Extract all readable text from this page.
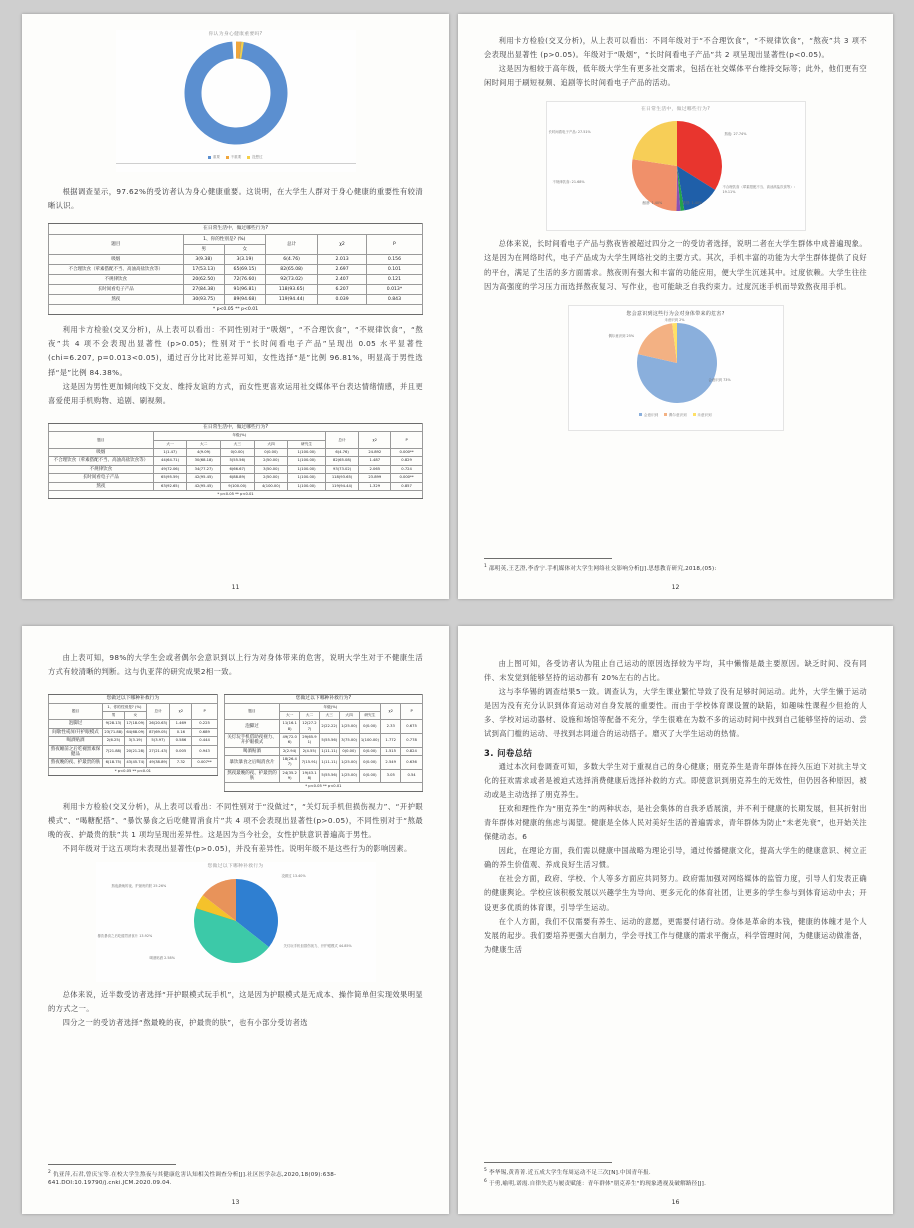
你认为身心健康重要吗?
重要	不重要	没想过

根据调查显示，97.62%的受访者认为身心健康重要。这说明，在大学生人群对于身心健康的重要性有较清晰认识。

在日常生活中，做过哪些行为?					
题目	1、你的性别是? (%)		总计	χ2	P
	男	女			
吸烟	3(9.38)	3(3.19)	6(4.76)	2.013	0.156
不合理饮食（荤素搭配不当、高油高盐饮食等）	17(53.13)	65(69.15)	82(65.08)	2.697	0.101
不规律饮食	20(62.50)	72(76.60)	92(73.02)	2.407	0.121
长时间看电子产品	27(84.38)	91(96.81)	118(93.65)	6.207	0.013*
熬夜	30(93.75)	89(94.68)	119(94.44)	0.039	0.843
* p<0.05 ** p<0.01					

利用卡方检验(交叉分析)，从上表可以看出：不同性别对于“吸烟”，“不合理饮食”，“不规律饮食”，“熬夜”共 4 项不会表现出显著性 (p>0.05)；性别对于“长时间看电子产品”呈现出 0.05 水平显著性(chi=6.207, p=0.013<0.05)，通过百分比对比差异可知，女性选择“是”比例 96.81%，明显高于男性选择“是”比例 84.38%。

这是因为男性更加倾向线下交友、维持友谊的方式，而女性更喜欢运用社交媒体平台表达情绪情感，并且更喜爱使用手机购物、追剧、刷视频。

在日常生活中，做过哪些行为?								
题目	年级(%)					总计	χ2	P
	大一	大二	大三	大四	研究生			
吸烟	1(1.47)	4(9.09)	0(0.00)	0(0.00)	1(100.00)	6(4.76)	24.892	0.000**
不合理饮食（荤素搭配不当、高油高盐饮食等）	44(64.71)	30(68.18)	5(55.56)	2(50.00)	1(100.00)	82(65.08)	1.487	0.829
不规律饮食	49(72.06)	34(77.27)	6(66.67)	3(50.00)	1(100.00)	93(73.02)	2.065	0.724
长时间看电子产品	65(95.59)	42(95.45)	6(88.89)	2(50.00)	1(100.00)	118(93.65)	23.899	0.000**
熬夜	63(92.65)	42(95.45)	9(100.00)	4(100.00)	1(100.00)	119(94.44)	1.329	0.857
* p<0.05 ** p<0.01								
11

利用卡方检验(交叉分析)，从上表可以看出：不同年级对于“不合理饮食”，“不规律饮食”，“熬夜”共 3 项不会表现出显著性 (p>0.05)。年级对于“吸烟”，“长时间看电子产品”共 2 项呈现出显著性(p<0.05)。

这是因为相较于高年级，低年级大学生有更多社交需求，包括在社交媒体平台维持交际等；此外，他们更有空闲时间用于刷短视频、追剧等长时间看电子产品的活动。

在日常生活中，做过哪些行为?
熬夜: 27.74%
不合理饮食（荤素搭配不当、高油高盐饮食等）: 19.11%
吸烟: 1.40%
酗酒: 1.40%
不规律饮食: 21.68%
长时间看电子产品: 27.51%

总体来说，长时间看电子产品与熬夜皆被超过四分之一的受访者选择，说明二者在大学生群体中成普遍现象。这是因为在网络时代，电子产品成为大学生网络社交的主要方式。其次，手机丰富的功能为大学生群体提供了良好的平台，满足了生活的多方面需求。熬夜则有强大和丰富的功能应用，便大学生沉迷其中。过度依赖。大学生往往因为高强度的学习压力而选择熬夜复习、写作业，也可能缺乏自我约束力。过度沉迷手机而导致熬夜用手机。

您会意识到这些行为会对身体带来的危害?
会意识到 73%
偶尔意识到 25%
未意识到 2%
会意识到	偶尔意识到	未意识到

$^1$ 邵明英,王艺澄,李香宁.手机媒体对大学生网络社交影响分析[J].思想教育研究,2018,(05):

12

由上表可知，98%的大学生会或者偶尔会意识到以上行为对身体带来的危害，说明大学生对于不健康生活方式有较清晰的判断。这与仇亚萍的研究成果2相一致。

您做过以下哪种补救行为					
题目	1、你的性别是? (%)		总计	χ2	P
	男	女			
泡脚过	9(28.13)	17(18.09)	26(20.63)	1.469	0.225
间歇性戒屏/开护眼模式	23(71.88)	64(68.09)	87(69.05)	0.16	0.689
喝酒贴酒	2(6.25)	3(3.19)	5(3.97)	0.586	0.444
熬夜睡前之后吃褪黑素保健品	7(21.88)	20(21.28)	27(21.43)	0.005	0.943
熬夜晚的夜、护最贵的肤	6(18.75)	43(45.74)	49(38.89)	7.32	0.007**
* p<0.05 ** p<0.01					
您做过以下哪种补救行为?							
题目	年级(%)					χ2	P
	大一	大二	大三	大四	研究生		
泡脚过	11(16.18)	12(27.27)	2(22.22)	1(25.00)	0(0.00)	2.33	0.675
关灯玩手机借助夜视力、开护眼模式	49(72.06)	29(65.91)	5(55.56)	3(75.00)	1(100.00)	1.772	0.778
喝酒贴酒	2(2.94)	2(4.55)	1(11.11)	0(0.00)	0(0.00)	1.515	0.824
暴饮暴食之后喝消食片	18(26.47)	7(15.91)	1(11.11)	1(25.00)	0(0.00)	2.549	0.636
熬夜最晚的夜、护最贵的肤	24(35.29)	19(43.18)	5(55.56)	1(25.00)	0(0.00)	3.05	0.54
* p<0.05 ** p<0.01							

利用卡方检验(交叉分析)，从上表可以看出：不同性别对于“没做过”，“关灯玩手机但损伤视力”、“开护眼模式”、“喝糖配搭”、“暴饮暴食之后吃健胃消食片”共 4 项不会表现出显著性(p>0.05)，不同性别对于“熬最晚的夜、护最贵的肤”共 1 项均呈现出差异性。这是因为当今社会，女性护肤意识普遍高于男性。

不同年级对于这五项均未表现出显著性(p>0.05)，并没有差异性。说明年级不是这些行为的影响因素。

您做过以下哪种补救行为
没做过 13.40%
关灯玩手机但损伤视力、开护眼模式 44.85%
喝酒贴酒 2.58%
暴饮暴食之后吃健胃消食片 13.92%
熬夜最晚的夜、护最贵的肤 25.26%

总体来说，近半数受访者选择“开护眼模式玩手机”，这是因为护眼模式是无成本、操作简单但实现效果明显的方式之一。

四分之一的受访者选择“熬最晚的夜，护最贵的肤”，也有小部分受访者选

$^2$ 仇亚萍,石君,曾庆宝等.在校大学生熬夜与其健康危害认知相关性调查分析[J].社区医学杂志,2020,18(09):638-641.DOI:10.19790/j.cnki.JCM.2020.09.04.

13

由上图可知，各受访者认为阻止自己运动的原因选择较为平均，其中懒惰是最主要原因。缺乏时间、没有同伴、未发觉到能够坚持的运动都有 20%左右的占比。

这与李华锡的调查结果5一致。调查认为，大学生课业繁忙导致了没有足够时间运动。此外，大学生懒于运动是因为没有充分认识到体育运动对自身发展的重要性。而由于学校体育课设置的缺陷，如趣味性课程少但抢的人多、学校对运动器材、设施和场馆等配备不充分，学生很难在为数不多的运动时间中找到自己能够坚持的运动、尝试到高门槛的运动、寻找到志同道合的运动搭子。磨灭了大学生运动的热情。

3. 问卷总结

通过本次问卷调查可知，多数大学生对于重视自己的身心健康；朋克养生是青年群体在持久压迫下对抗主导文化的狂欢需求或者是被迫式选择消费健康后选择补救的方式。即使意识到朋克养生的无效性，但仍因各种原因，被动或是主动选择了朋克养生。

狂欢和理性作为“朋克养生”的两种状态，是社会集体的自我矛盾展演，并不利于健康的长期发展，但其折射出青年群体对健康的焦虑与渴望。健康是全体人民对美好生活的普遍需求，青年群体为防止“未老先衰”，也开始关注保健动态。6

因此，在理论方面，我们需以健康中国战略为理论引导，通过传播健康文化，提高大学生的健康意识、树立正确的养生价值观、养成良好生活习惯。

在社会方面，政府、学校、个人等多方面应共同努力。政府需加强对网络媒体的监管力度，引导人们发表正确的健康舆论。学校应该积极发展以兴趣学生为导向、更多元化的体育社团，让更多的学生参与到体育运动中去；开设更多优质的体育课，引导学生运动。

在个人方面，我们不仅需要有养生、运动的意愿，更需要付诸行动。身体是革命的本钱，健康的体魄才是个人发展的起步。我们要培养更强大自制力，学会寻找工作与健康的需求平衡点，科学管理时间，为健康运动做准备，为健康生活

$^5$ 李华锡,黄菁菁.近五成大学生每周运动不足三次[N].中国青年报.

$^6$ 于勇,喻明,诺霞.自律失范与履责赋能：青年群体"朋克养生"的现象透视及破解路径[J].

16
